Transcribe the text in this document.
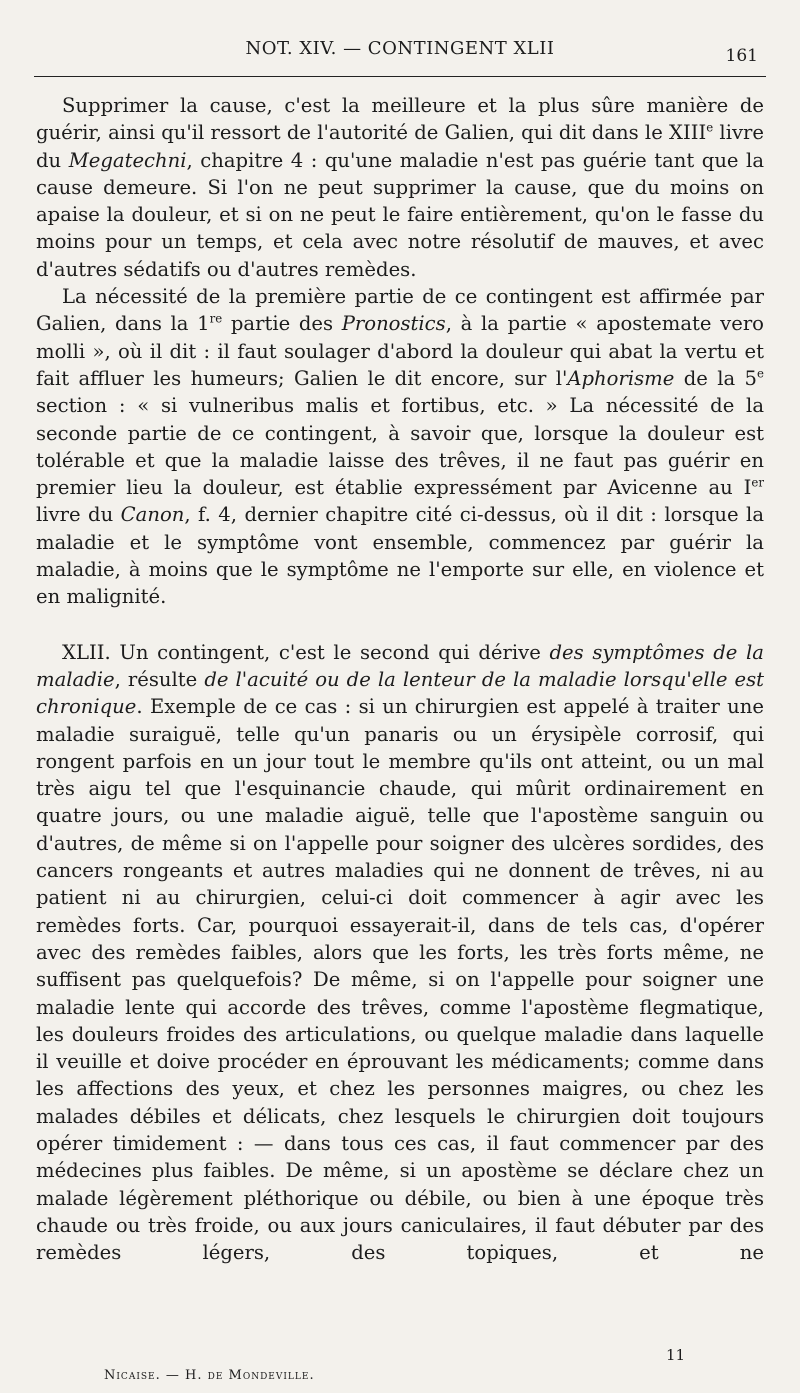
NOT. XIV. — CONTINGENT XLII	161

Supprimer la cause, c'est la meilleure et la plus sûre manière de guérir, ainsi qu'il ressort de l'autorité de Galien, qui dit dans le XIIIe livre du Megatechni, chapitre 4 : qu'une maladie n'est pas guérie tant que la cause demeure. Si l'on ne peut supprimer la cause, que du moins on apaise la douleur, et si on ne peut le faire entièrement, qu'on le fasse du moins pour un temps, et cela avec notre résolutif de mauves, et avec d'autres sédatifs ou d'autres remèdes.

La nécessité de la première partie de ce contingent est affirmée par Galien, dans la 1re partie des Pronostics, à la partie « apostemate vero molli », où il dit : il faut soulager d'abord la douleur qui abat la vertu et fait affluer les humeurs; Galien le dit encore, sur l'Aphorisme de la 5e section : « si vulneribus malis et fortibus, etc. » La nécessité de la seconde partie de ce contingent, à savoir que, lorsque la douleur est tolérable et que la maladie laisse des trêves, il ne faut pas guérir en premier lieu la douleur, est établie expressément par Avicenne au Ier livre du Canon, f. 4, dernier chapitre cité ci-dessus, où il dit : lorsque la maladie et le symptôme vont ensemble, commencez par guérir la maladie, à moins que le symptôme ne l'emporte sur elle, en violence et en malignité.

XLII. Un contingent, c'est le second qui dérive des symptômes de la maladie, résulte de l'acuité ou de la lenteur de la maladie lorsqu'elle est chronique. Exemple de ce cas : si un chirurgien est appelé à traiter une maladie suraiguë, telle qu'un panaris ou un érysipèle corrosif, qui rongent parfois en un jour tout le membre qu'ils ont atteint, ou un mal très aigu tel que l'esquinancie chaude, qui mûrit ordinairement en quatre jours, ou une maladie aiguë, telle que l'apostème sanguin ou d'autres, de même si on l'appelle pour soigner des ulcères sordides, des cancers rongeants et autres maladies qui ne donnent de trêves, ni au patient ni au chirurgien, celui-ci doit commencer à agir avec les remèdes forts. Car, pourquoi essayerait-il, dans de tels cas, d'opérer avec des remèdes faibles, alors que les forts, les très forts même, ne suffisent pas quelquefois? De même, si on l'appelle pour soigner une maladie lente qui accorde des trêves, comme l'apostème flegmatique, les douleurs froides des articulations, ou quelque maladie dans laquelle il veuille et doive procéder en éprouvant les médicaments; comme dans les affections des yeux, et chez les personnes maigres, ou chez les malades débiles et délicats, chez lesquels le chirurgien doit toujours opérer timidement : — dans tous ces cas, il faut commencer par des médecines plus faibles. De même, si un apostème se déclare chez un malade légèrement pléthorique ou débile, ou bien à une époque très chaude ou très froide, ou aux jours caniculaires, il faut débuter par des remèdes légers, des topiques, et ne

Nicaise. — H. de Mondeville.
11
